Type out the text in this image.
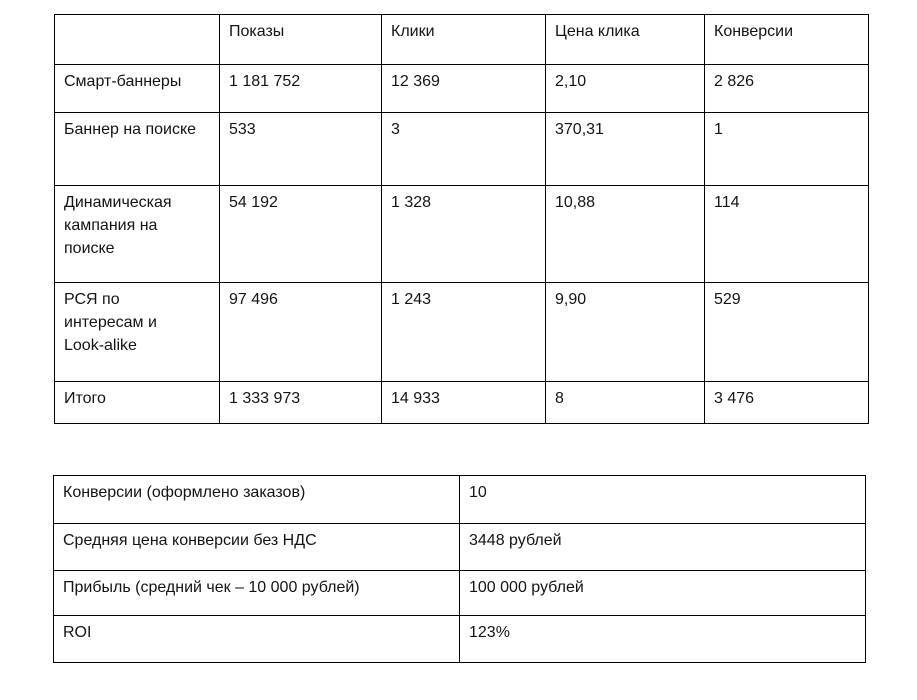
	Показы	Клики	Цена клика	Конверсии
Смарт-баннеры	1 181 752	12 369	2,10	2 826
Баннер на поиске	533	3	370,31	1
Динамическая кампания на поиске	54 192	1 328	10,88	114
РСЯ по интересам и Look-alike	97 496	1 243	9,90	529
Итого	1 333 973	14 933	8	3 476
Конверсии (оформлено заказов)	10
Средняя цена конверсии без НДС	3448 рублей
Прибыль (средний чек – 10 000 рублей)	100 000 рублей
ROI	123%
